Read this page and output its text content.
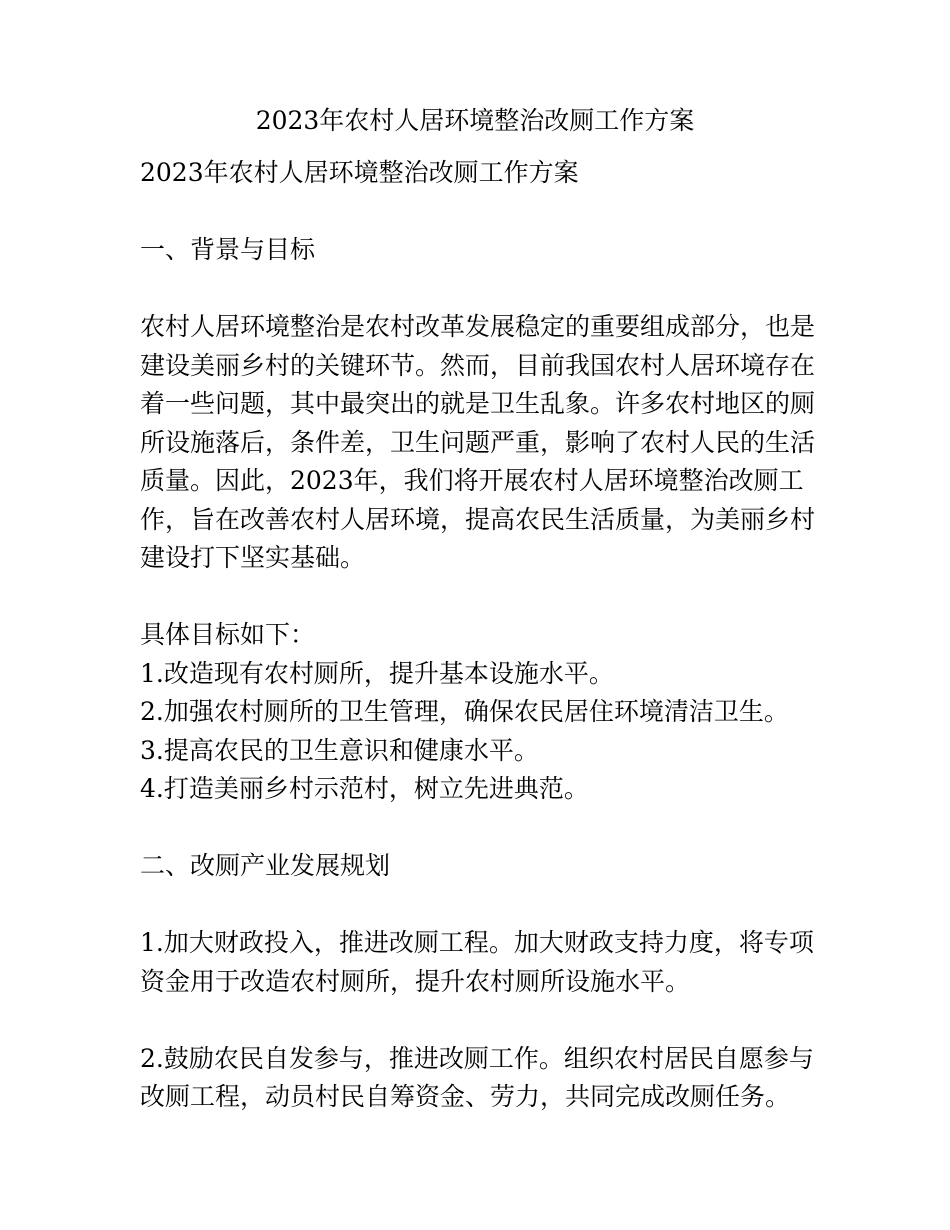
2023年农村人居环境整治改厕工作方案

2023年农村人居环境整治改厕工作方案

一、背景与目标

农村人居环境整治是农村改革发展稳定的重要组成部分，也是

建设美丽乡村的关键环节。然而，目前我国农村人居环境存在

着一些问题，其中最突出的就是卫生乱象。许多农村地区的厕

所设施落后，条件差，卫生问题严重，影响了农村人民的生活

质量。因此，2023年，我们将开展农村人居环境整治改厕工

作，旨在改善农村人居环境，提高农民生活质量，为美丽乡村

建设打下坚实基础。

具体目标如下：

1.改造现有农村厕所，提升基本设施水平。

2.加强农村厕所的卫生管理，确保农民居住环境清洁卫生。

3.提高农民的卫生意识和健康水平。

4.打造美丽乡村示范村，树立先进典范。

二、改厕产业发展规划

1.加大财政投入，推进改厕工程。加大财政支持力度，将专项

资金用于改造农村厕所，提升农村厕所设施水平。

2.鼓励农民自发参与，推进改厕工作。组织农村居民自愿参与

改厕工程，动员村民自筹资金、劳力，共同完成改厕任务。
